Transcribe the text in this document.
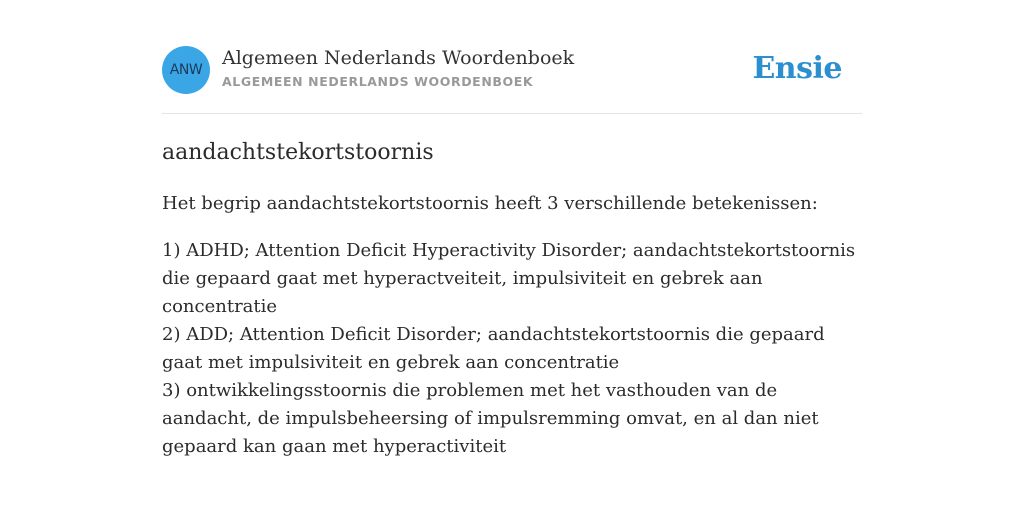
ANW
Algemeen Nederlands Woordenboek
ALGEMEEN NEDERLANDS WOORDENBOEK	Ensie
aandachtstekortstoornis

Het begrip aandachtstekortstoornis heeft 3 verschillende betekenissen:

1) ADHD; Attention Deficit Hyperactivity Disorder; aandachtstekortstoornis die gepaard gaat met hyperactveiteit, impulsiviteit en gebrek aan concentratie
2) ADD; Attention Deficit Disorder; aandachtstekortstoornis die gepaard gaat met impulsiviteit en gebrek aan concentratie
3) ontwikkelingsstoornis die problemen met het vasthouden van de aandacht, de impulsbeheersing of impulsremming omvat, en al dan niet gepaard kan gaan met hyperactiviteit
